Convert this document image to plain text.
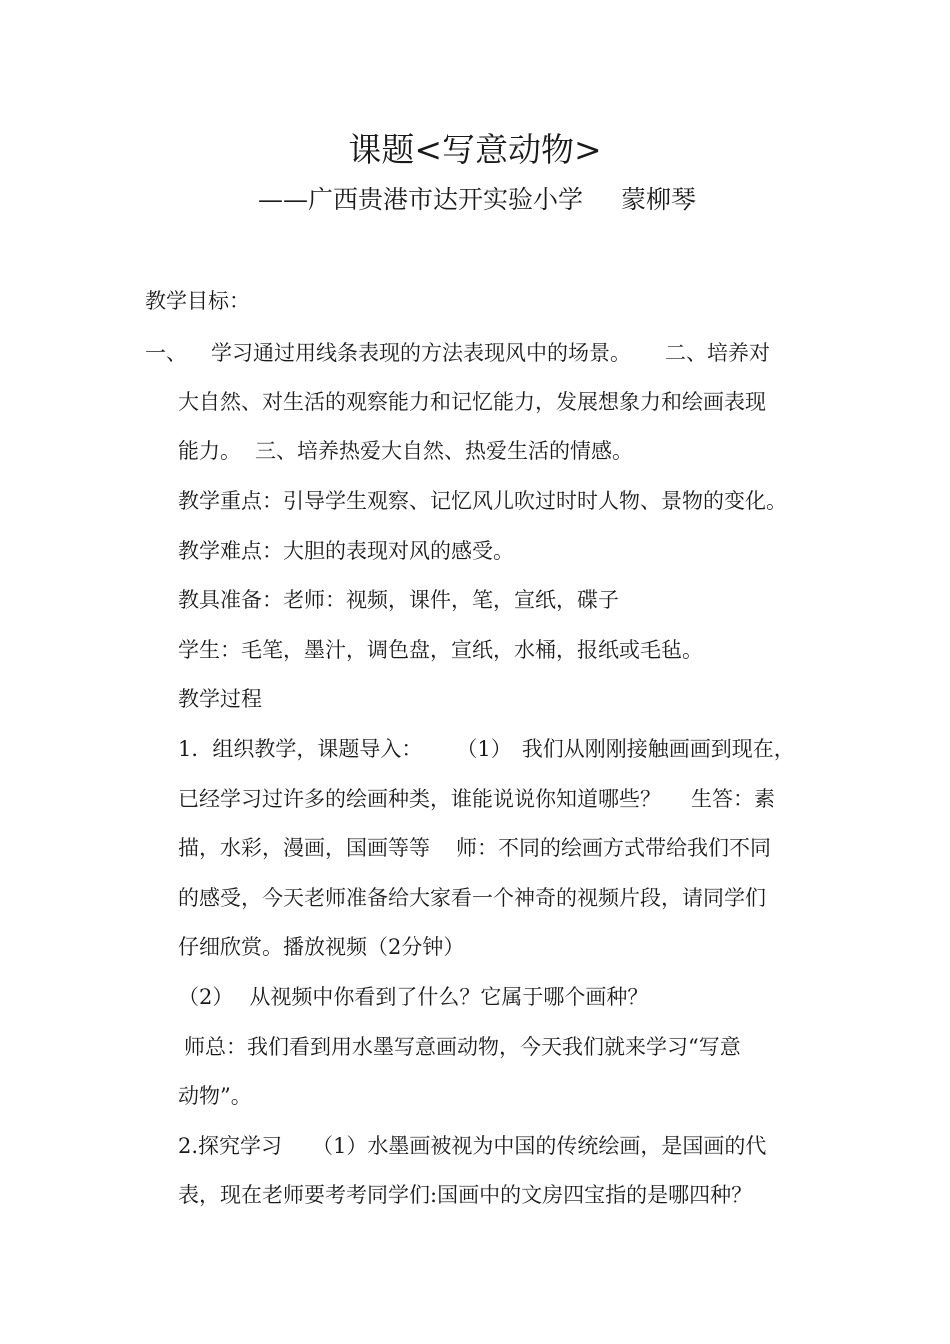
课题<写意动物>
——广西贵港市达开实验小学 蒙柳琴
教学目标：
一、 学习通过用线条表现的方法表现风中的场景。 二、培养对
大自然、对生活的观察能力和记忆能力，发展想象力和绘画表现
能力。 三、培养热爱大自然、热爱生活的情感。
教学重点：引导学生观察、记忆风儿吹过时时人物、景物的变化。
教学难点：大胆的表现对风的感受。
教具准备：老师：视频，课件，笔，宣纸，碟子
学生：毛笔，墨汁，调色盘，宣纸，水桶，报纸或毛毡。
教学过程
1．组织教学，课题导入： （1） 我们从刚刚接触画画到现在，
已经学习过许多的绘画种类，谁能说说你知道哪些？ 生答：素
描，水彩，漫画，国画等等 师：不同的绘画方式带给我们不同
的感受，今天老师准备给大家看一个神奇的视频片段，请同学们
仔细欣赏。播放视频（2分钟）
（2） 从视频中你看到了什么？它属于哪个画种？
师总：我们看到用水墨写意画动物，今天我们就来学习“写意
动物”。
2.探究学习 （1）水墨画被视为中国的传统绘画，是国画的代
表，现在老师要考考同学们:国画中的文房四宝指的是哪四种？
